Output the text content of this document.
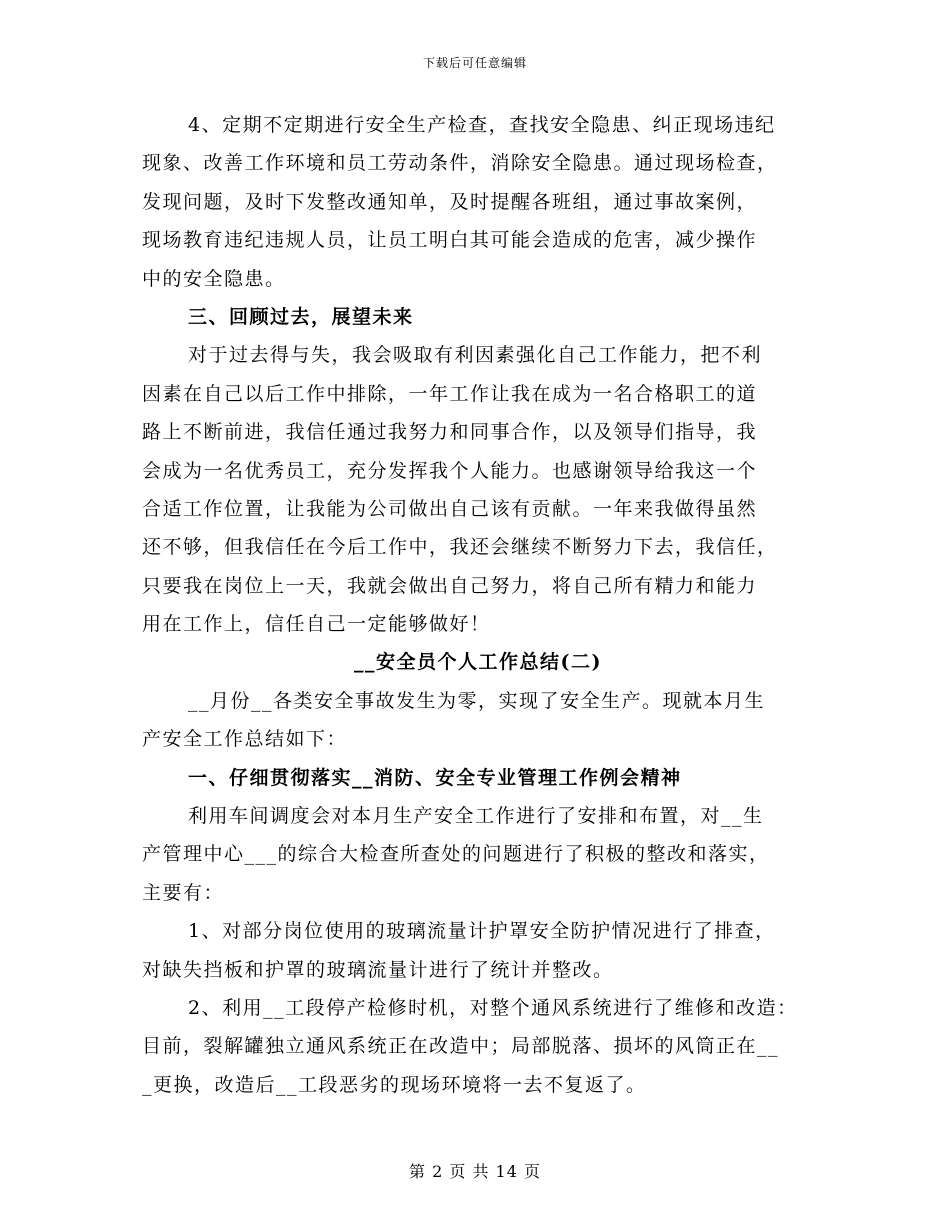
下载后可任意编辑
4、定期不定期进行安全生产检查，查找安全隐患、纠正现场违纪
现象、改善工作环境和员工劳动条件，消除安全隐患。通过现场检查，
发现问题，及时下发整改通知单，及时提醒各班组，通过事故案例，
现场教育违纪违规人员，让员工明白其可能会造成的危害，减少操作
中的安全隐患。
三、回顾过去，展望未来
对于过去得与失，我会吸取有利因素强化自己工作能力，把不利
因素在自己以后工作中排除，一年工作让我在成为一名合格职工的道
路上不断前进，我信任通过我努力和同事合作，以及领导们指导，我
会成为一名优秀员工，充分发挥我个人能力。也感谢领导给我这一个
合适工作位置，让我能为公司做出自己该有贡献。一年来我做得虽然
还不够，但我信任在今后工作中，我还会继续不断努力下去，我信任，
只要我在岗位上一天，我就会做出自己努力，将自己所有精力和能力
用在工作上，信任自己一定能够做好！
__安全员个人工作总结(二)
__月份__各类安全事故发生为零，实现了安全生产。现就本月生
产安全工作总结如下：
一、仔细贯彻落实__消防、安全专业管理工作例会精神
利用车间调度会对本月生产安全工作进行了安排和布置，对__生
产管理中心___的综合大检查所查处的问题进行了积极的整改和落实，
主要有：
1、对部分岗位使用的玻璃流量计护罩安全防护情况进行了排查，
对缺失挡板和护罩的玻璃流量计进行了统计并整改。
2、利用__工段停产检修时机，对整个通风系统进行了维修和改造：
目前，裂解罐独立通风系统正在改造中；局部脱落、损坏的风筒正在__
_更换，改造后__工段恶劣的现场环境将一去不复返了。
第 2 页 共 14 页
